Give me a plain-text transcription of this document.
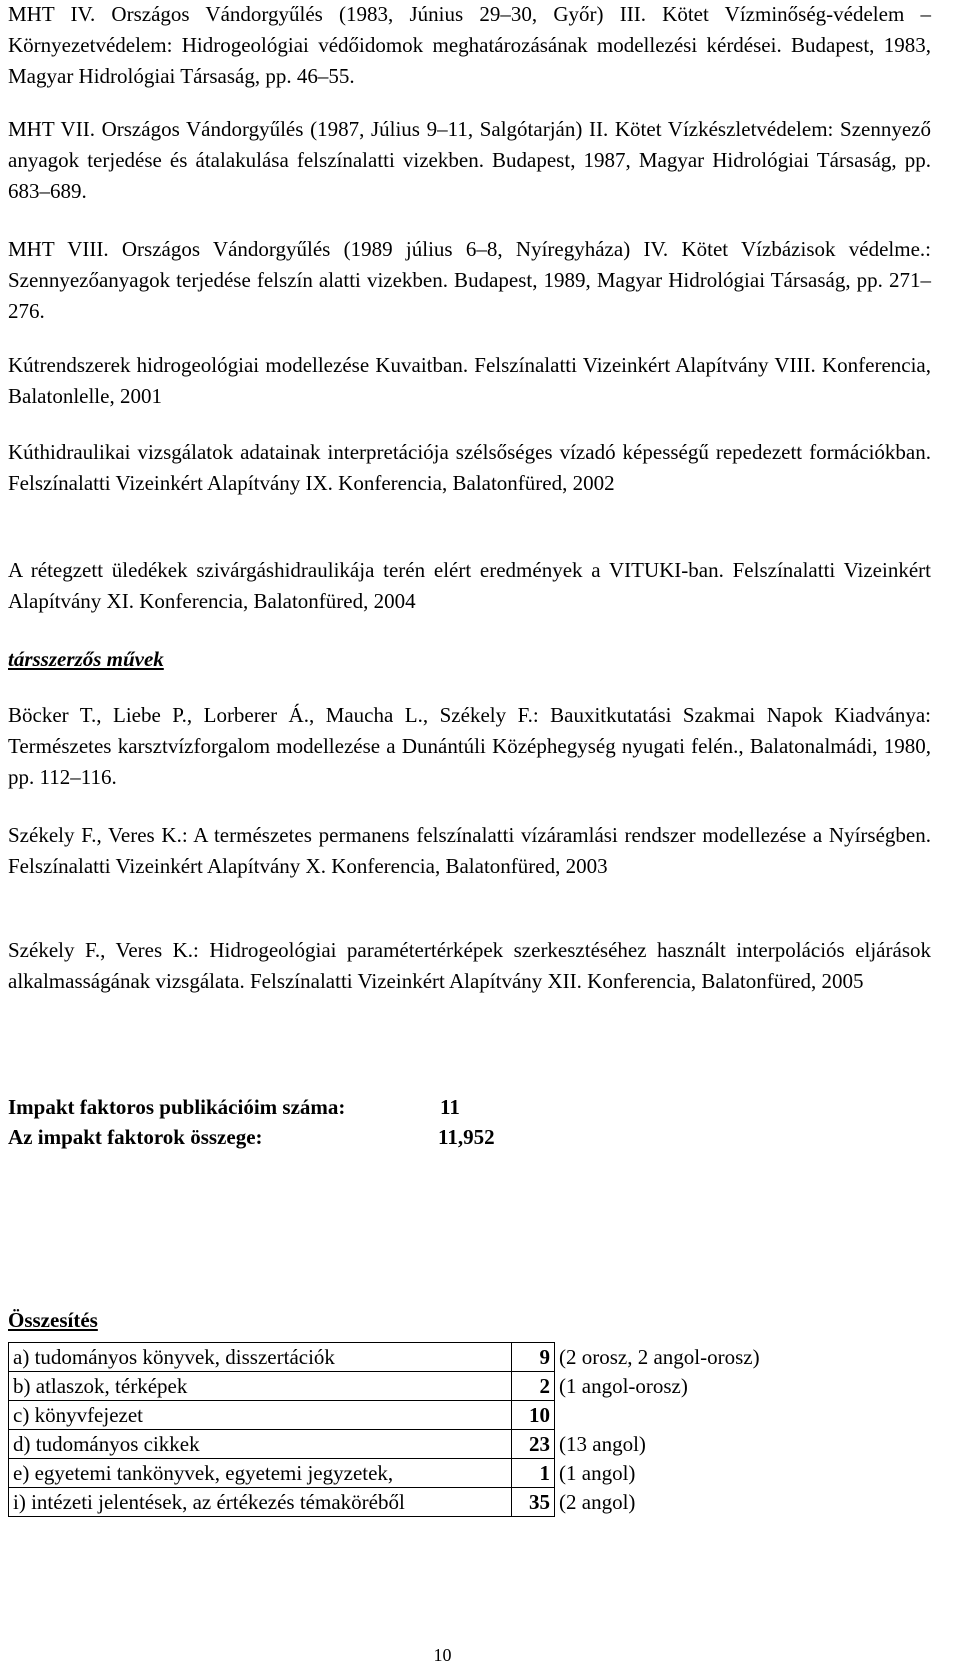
MHT IV. Országos Vándorgyűlés (1983, Június 29–30, Győr) III. Kötet Vízminőség-védelem – Környezetvédelem: Hidrogeológiai védőidomok meghatározásának modellezési kérdései. Budapest, 1983, Magyar Hidrológiai Társaság, pp. 46–55.

MHT VII. Országos Vándorgyűlés (1987, Július 9–11, Salgótarján) II. Kötet Vízkészletvédelem: Szennyező anyagok terjedése és átalakulása felszínalatti vizekben. Budapest, 1987, Magyar Hidrológiai Társaság, pp. 683–689.

MHT VIII. Országos Vándorgyűlés (1989 július 6–8, Nyíregyháza) IV. Kötet Vízbázisok védelme.: Szennyezőanyagok terjedése felszín alatti vizekben. Budapest, 1989, Magyar Hidrológiai Társaság, pp. 271–276.

Kútrendszerek hidrogeológiai modellezése Kuvaitban. Felszínalatti Vizeinkért Alapítvány VIII. Konferencia, Balatonlelle, 2001

Kúthidraulikai vizsgálatok adatainak interpretációja szélsőséges vízadó képességű repedezett formációkban. Felszínalatti Vizeinkért Alapítvány IX. Konferencia, Balatonfüred, 2002

A rétegzett üledékek szivárgáshidraulikája terén elért eredmények a VITUKI-ban. Felszínalatti Vizeinkért Alapítvány XI. Konferencia, Balatonfüred, 2004

társszerzős művek

Böcker T., Liebe P., Lorberer Á., Maucha L., Székely F.: Bauxitkutatási Szakmai Napok Kiadványa: Természetes karsztvízforgalom modellezése a Dunántúli Középhegység nyugati felén., Balatonalmádi, 1980, pp. 112–116.

Székely F., Veres K.: A természetes permanens felszínalatti vízáramlási rendszer modellezése a Nyírségben. Felszínalatti Vizeinkért Alapítvány X. Konferencia, Balatonfüred, 2003

Székely F., Veres K.: Hidrogeológiai paramétertérképek szerkesztéséhez használt interpolációs eljárások alkalmasságának vizsgálata. Felszínalatti Vizeinkért Alapítvány XII. Konferencia, Balatonfüred, 2005

Impakt faktoros publikációim száma:	11
Az impakt faktorok összege:	11,952
Összesítés
a) tudományos könyvek, disszertációk	9	(2 orosz, 2 angol-orosz)
b) atlaszok, térképek	2	(1 angol-orosz)
c) könyvfejezet	10	
d) tudományos cikkek	23	(13 angol)
e) egyetemi tankönyvek, egyetemi jegyzetek,	1	(1 angol)
i) intézeti jelentések, az értékezés témaköréből	35	(2 angol)
10
